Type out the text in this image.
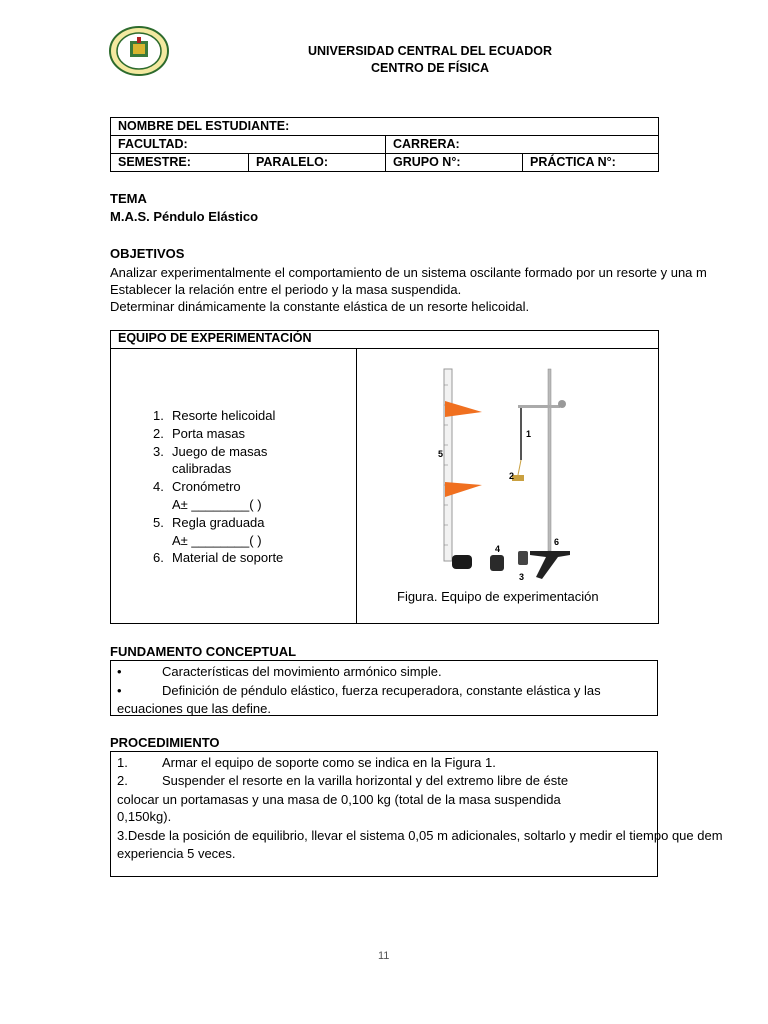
UNIVERSIDAD CENTRAL DEL ECUADOR
CENTRO DE FÍSICA
NOMBRE DEL ESTUDIANTE:			
FACULTAD:		CARRERA:	
SEMESTRE:	PARALELO:	GRUPO N°:	PRÁCTICA N°:
TEMA
M.A.S. Péndulo Elástico
OBJETIVOS
Analizar experimentalmente el comportamiento de un sistema oscilante formado por un resorte y una m
Establecer la relación entre el periodo y la masa suspendida.
Determinar dinámicamente la constante elástica de un resorte helicoidal.
EQUIPO DE EXPERIMENTACIÓN
1. Resorte helicoidal
2. Porta masas
3. Juego de masas
calibradas
4. Cronómetro
A± ________( )
5. Regla graduada
A± ________( )
6. Material de soporte
5
1
2
3
4
6
Figura. Equipo de experimentación
FUNDAMENTO CONCEPTUAL
•	Características del movimiento armónico simple.
•	Definición de péndulo elástico, fuerza recuperadora, constante elástica y las
ecuaciones que las define.
PROCEDIMIENTO
1.	Armar el equipo de soporte como se indica en la Figura 1.
2.	Suspender el resorte en la varilla horizontal y del extremo libre de éste
colocar un portamasas y una masa de 0,100 kg (total de la masa suspendida
0,150kg).
3.Desde la posición de equilibrio, llevar el sistema 0,05 m adicionales, soltarlo y medir el tiempo que dem
experiencia 5 veces.
11
